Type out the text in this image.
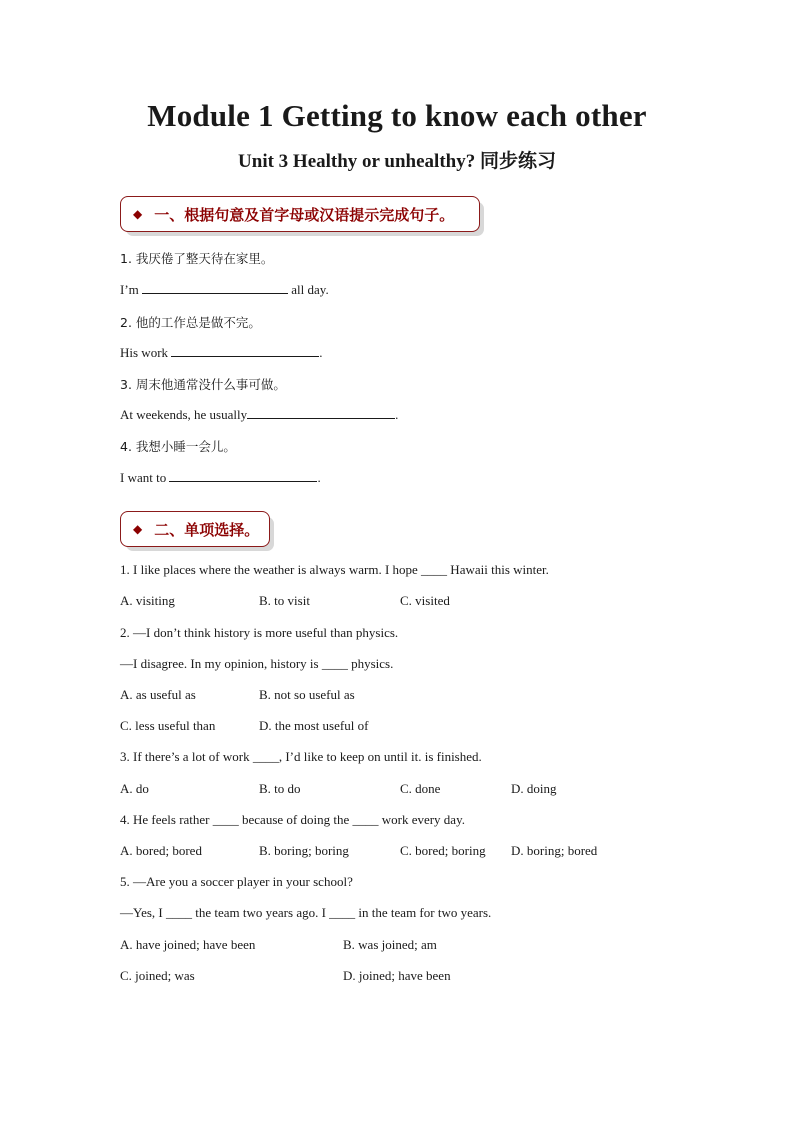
Module 1 Getting to know each other
Unit 3 Healthy or unhealthy? 同步练习
◆ 一、根据句意及首字母或汉语提示完成句子。
1. 我厌倦了整天待在家里。
I’m	all day.
2. 他的工作总是做不完。
His work	.
3. 周末他通常没什么事可做。
At weekends, he usually	.
4. 我想小睡一会儿。
I want to	.
◆ 二、单项选择。
1. I like places where the weather is always warm. I hope ____ Hawaii this winter.
A. visiting	B. to visit	C. visited
2. —I don’t think history is more useful than physics.
—I disagree. In my opinion, history is ____ physics.
A. as useful as	B. not so useful as
C. less useful than	D. the most useful of
3. If there’s a lot of work ____, I’d like to keep on until it. is finished.
A. do	B. to do	C. done	D. doing
4. He feels rather ____ because of doing the ____ work every day.
A. bored; bored	B. boring; boring	C. bored; boring D. boring; bored
5. —Are you a soccer player in your school?
—Yes, I ____ the team two years ago. I ____ in the team for two years.
A. have joined; have been	B. was joined; am
C. joined; was	D. joined; have been
